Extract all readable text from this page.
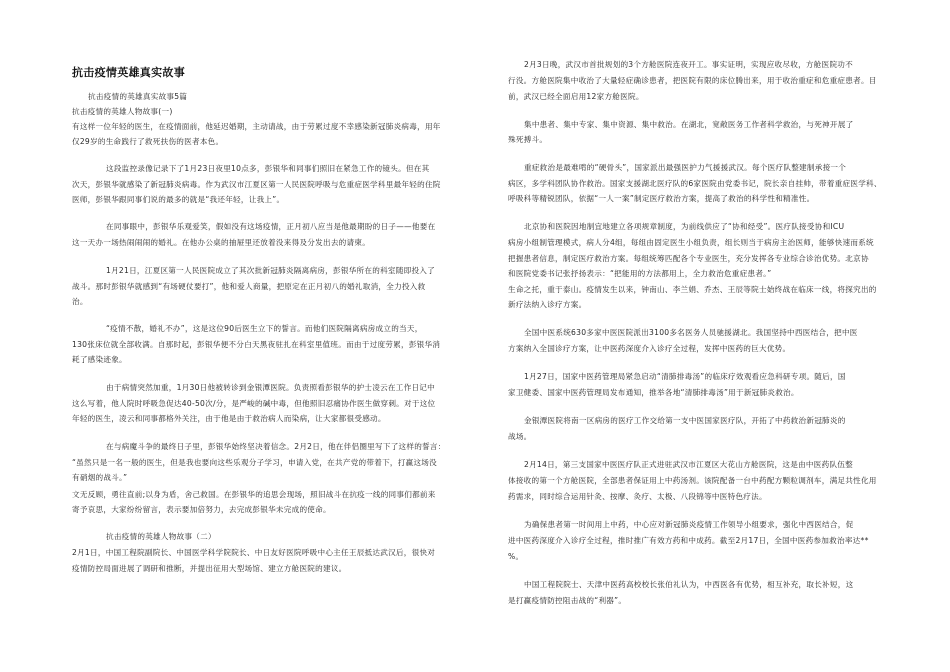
抗击疫情英雄真实故事
抗击疫情的英雄真实故事5篇
抗击疫情的英雄人物故事(一)
有这样一位年轻的医生，在疫情面前，他延迟婚期，主动请战，由于劳累过度不幸感染新冠肺炎病毒，用年
仅29岁的生命践行了救死扶伤的医者本色。
这段监控录像记录下了1月23日夜里10点多，彭银华和同事们照旧在紧急工作的镜头。但在其
次天，彭银华就感染了新冠肺炎病毒。作为武汉市江夏区第一人民医院呼吸与危重症医学科里最年轻的住院
医师，彭银华跟同事们说的最多的就是“我还年轻，让我上”。
在同事眼中，彭银华乐观爱笑，假如没有这场疫情，正月初八应当是他最期盼的日子——他要在
这一天办一场热闹闹闹的婚礼。在他办公桌的抽屉里还放着没来得及分发出去的请柬。
1月21日，江夏区第一人民医院成立了其次批新冠肺炎隔离病房，彭银华所在的科室随即投入了
战斗。那时彭银华就感到“有场硬仗要打”，他和爱人商量，把原定在正月初八的婚礼取消，全力投入救
治。
“疫情不散，婚礼不办”，这是这位90后医生立下的誓言。而他们医院隔离病房成立的当天，
130张床位就全部收满。自那时起，彭银华便不分白天黑夜驻扎在科室里值班。而由于过度劳累，彭银华消
耗了感染迹象。
由于病情突然加重，1月30日他被转诊到金银潭医院。负责照看彭银华的护士凌云在工作日记中
这么写着，他人院时呼吸急促达40-50次/分，是严峻的碱中毒，但他照旧忍痛协作医生做穿刺。对于这位
年轻的医生，凌云和同事都格外关注，由于他是由于救治病人而染病，让大家都很受感动。
在与病魔斗争的最终日子里，彭银华始终坚决着信念。2月2日，他在伴侣圈里写下了这样的誓言：
“虽然只是一名一般的医生，但是我也要向这些乐观分子学习，申请入党，在共产党的带着下，打赢这场没
有硝烟的战斗。”
文无反顾，勇往直前;以身为盾，舍己救国。在彭银华的追思会现场，照旧战斗在抗疫一线的同事们都前来
寄予哀思，大家纷纷留言，表示要加倍努力，去完成彭银华未完成的使命。
抗击疫情的英雄人物故事（二）
2月1日，中国工程院副院长、中国医学科学院院长、中日友好医院呼吸中心主任王辰抵达武汉后，很快对
疫情防控局面进展了调研和推断，并提出征用大型场馆、建立方舱医院的建议。
2月3日晚，武汉市首批规划的3个方舱医院连夜开工。事实证明，实现应收尽收，方舱医院功不
行没。方舱医院集中收治了大量轻症确诊患者，把医院有限的床位腾出来，用于收治重症和危重症患者。目
前，武汉已经全面启用12家方舱医院。
集中患者、集中专家、集中资源、集中救治。在湖北，宽敞医务工作者科学救治，与死神开展了
殊死搏斗。
重症救治是最难啃的“硬骨头”，国家派出最强医护力气援援武汉。每个医疗队整建制承接一个
病区，多学科团队协作救治。国家支援湖北医疗队的6家医院由党委书记，院长亲自挂帅，带着重症医学科、
呼吸科等精锐团队，依据“一人一案”制定医疗救治方案，提高了救治的科学性和精准性。
北京协和医院因地制宜地建立各项规章制度，为前线供应了“协和经受”。医疗队接受协和ICU
病房小组制管理模式，病人分4组，每组由固定医生小组负责，组长则当于病房主治医师，能够快速而系统
把握患者信息，制定医疗救治方案。每组统筹匹配各个专业医生，充分发挥各专业综合诊治优势。北京协
和医院党委书记张抒扬表示：“把能用的方法都用上，全力救治危重症患者。”
生命之托，重于泰山。疫情发生以来，钟南山、李兰娟、乔杰、王辰等院士始终战在临床一线，将探究出的
新疗法纳入诊疗方案。
全国中医系统630多家中医医院派出3100多名医务人员驰援湖北。我国坚持中西医结合，把中医
方案纳入全国诊疗方案，让中医药深度介入诊疗全过程，发挥中医药的巨大优势。
1月27日，国家中医药管理局紧急启动“清肺排毒汤”的临床疗效观看应急科研专项。随后，国
家卫健委、国家中医药管理局发布通知，推举各地“清肺排毒汤”用于新冠肺炎救治。
金银潭医院将南一区病房的医疗工作交给第一支中医国家医疗队，开拓了中药救治新冠肺炎的
战场。
2月14日，第三支国家中医医疗队正式进驻武汉市江夏区大花山方舱医院，这是由中医药队伍整
体接收的第一个方舱医院，全部患者保证用上中药汤剂。该院配备一台中药配方颗粒调剂车，满足共性化用
药需求，同时综合运用针灸、按摩、灸疗、太极、八段锦等中医特色疗法。
为确保患者第一时间用上中药，中心应对新冠肺炎疫情工作领导小组要求，强化中西医结合，促
进中医药深度介入诊疗全过程，推时推广有效方药和中成药。截至2月17日，全国中医药参加救治率达**
%。
中国工程院院士、天津中医药高校校长张伯礼认为，中西医各有优势，相互补充，取长补短，这
是打赢疫情防控阻击战的“利器”。
